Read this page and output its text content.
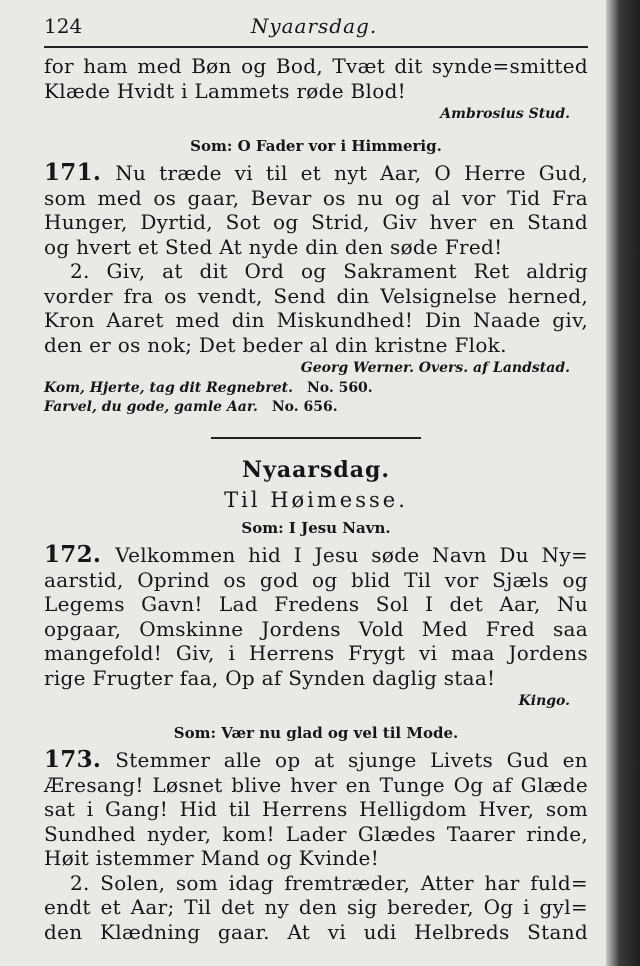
124	Nyaarsdag.
for ham med Bøn og Bod, Tvæt dit synde=smitted
Klæde Hvidt i Lammets røde Blod!
Ambrosius Stud.
Som: O Fader vor i Himmerig.
171. Nu træde vi til et nyt Aar, O Herre Gud,
som med os gaar, Bevar os nu og al vor Tid Fra
Hunger, Dyrtid, Sot og Strid, Giv hver en Stand
og hvert et Sted At nyde din den søde Fred!
2. Giv, at dit Ord og Sakrament Ret aldrig
vorder fra os vendt, Send din Velsignelse herned,
Kron Aaret med din Miskundhed! Din Naade giv,
den er os nok; Det beder al din kristne Flok.
Georg Werner. Overs. af Landstad.
Kom, Hjerte, tag dit Regnebret. No. 560.
Farvel, du gode, gamle Aar. No. 656.
Nyaarsdag.
Til Høimesse.
Som: I Jesu Navn.
172. Velkommen hid I Jesu søde Navn Du Ny=
aarstid, Oprind os god og blid Til vor Sjæls og
Legems Gavn! Lad Fredens Sol I det Aar, Nu
opgaar, Omskinne Jordens Vold Med Fred saa
mangefold! Giv, i Herrens Frygt vi maa Jordens
rige Frugter faa, Op af Synden daglig staa!
Kingo.
Som: Vær nu glad og vel til Mode.
173. Stemmer alle op at sjunge Livets Gud en
Æresang! Løsnet blive hver en Tunge Og af Glæde
sat i Gang! Hid til Herrens Helligdom Hver, som
Sundhed nyder, kom! Lader Glædes Taarer rinde,
Høit istemmer Mand og Kvinde!
2. Solen, som idag fremtræder, Atter har fuld=
endt et Aar; Til det ny den sig bereder, Og i gyl=
den Klædning gaar. At vi udi Helbreds Stand
